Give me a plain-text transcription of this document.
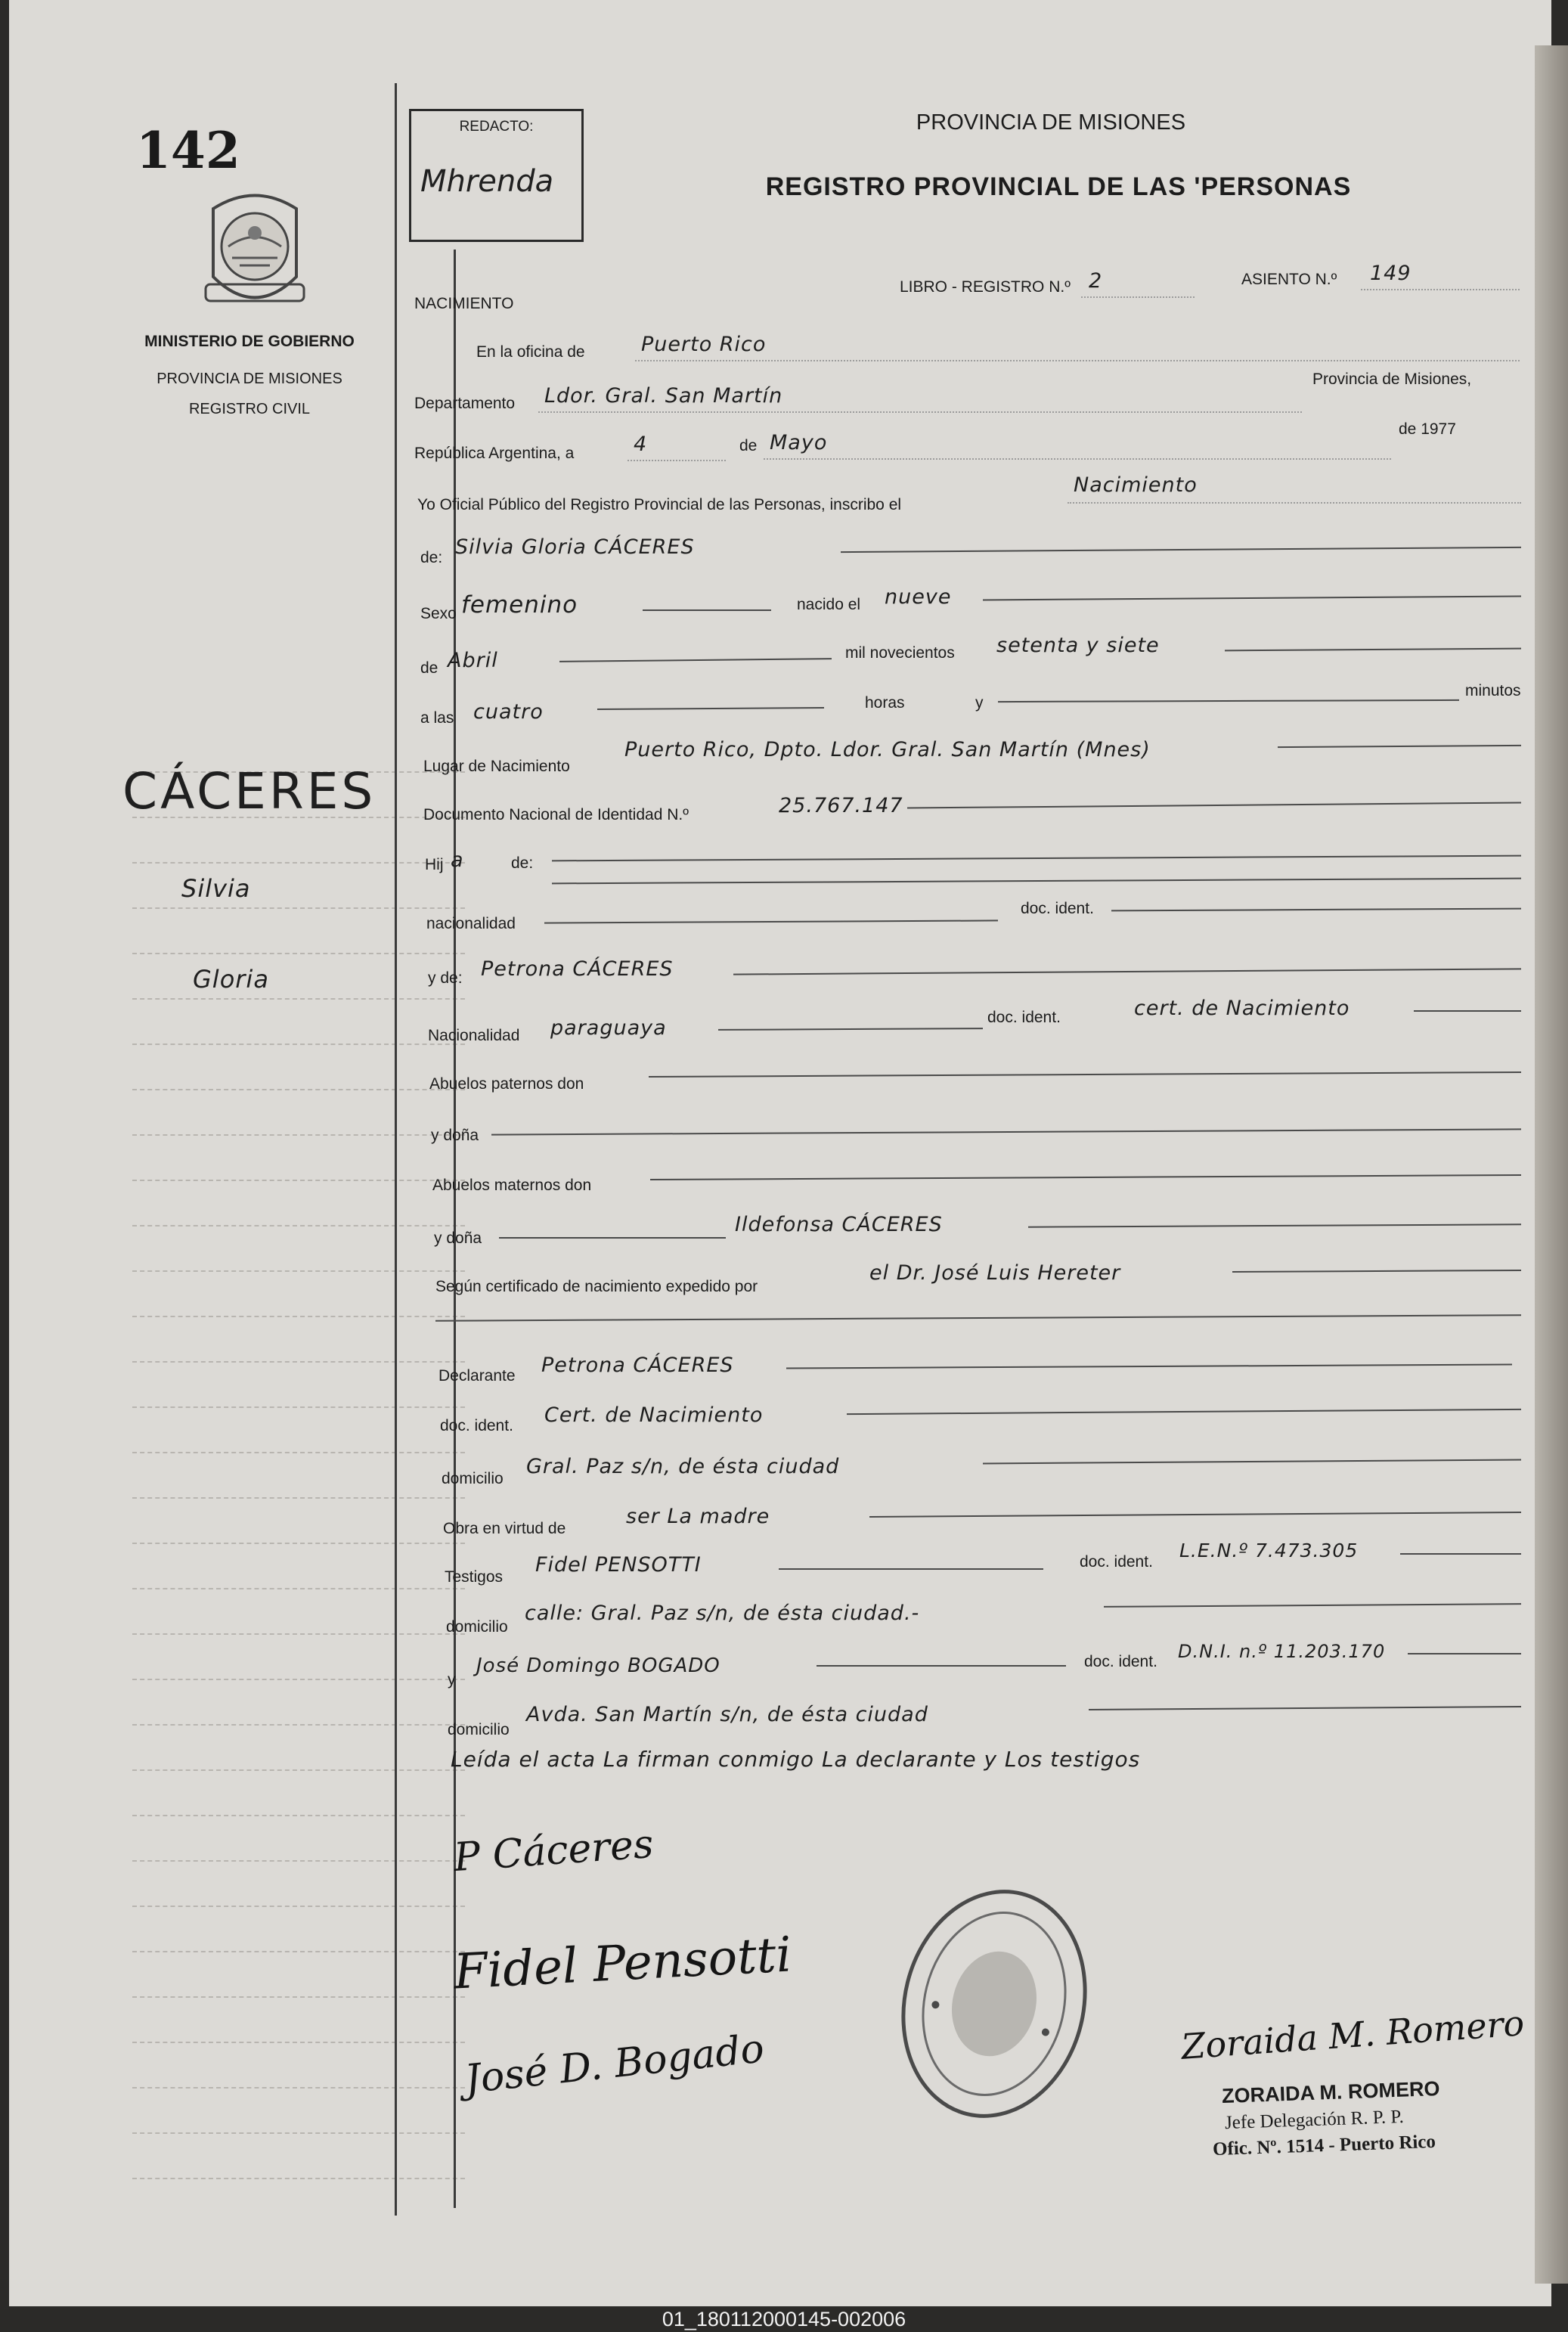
142
MINISTERIO DE GOBIERNO
PROVINCIA DE MISIONES
REGISTRO CIVIL
CÁCERES
Silvia
Gloria
REDACTO:
Mhrenda
PROVINCIA DE MISIONES
REGISTRO PROVINCIAL DE LAS 'PERSONAS
NACIMIENTO
LIBRO - REGISTRO N.º 2	ASIENTO N.º 149
En la oficina de	Puerto Rico
Departamento Ldor. Gral. San Martín
Provincia de Misiones,
República Argentina, a	4	de Mayo
de 1977
Yo Oficial Público del Registro Provincial de las Personas, inscribo el
Nacimiento
de: Silvia Gloria CÁCERES
Sexo femenino	nacido el nueve
de Abril	mil novecientos setenta y siete
a las cuatro	horas	y
minutos
Lugar de Nacimiento
Puerto Rico, Dpto. Ldor. Gral. San Martín (Mnes)
Documento Nacional de Identidad N.º	25.767.147
Hij a	de:
nacionalidad
doc. ident.
y de: Petrona CÁCERES
Nacionalidad paraguaya	doc. ident.	cert. de Nacimiento
Abuelos paternos don
y doña
Abuelos maternos don
y doña
Ildefonsa CÁCERES
Según certificado de nacimiento expedido por
el Dr. José Luis Hereter
Declarante Petrona CÁCERES
doc. ident. Cert. de Nacimiento
domicilio
Gral. Paz s/n, de ésta ciudad
Obra en virtud de
ser La madre
Testigos
Fidel PENSOTTI	doc. ident.
L.E.N.º 7.473.305
domicilio
calle: Gral. Paz s/n, de ésta ciudad.-
y
José Domingo BOGADO	doc. ident. D.N.I. n.º 11.203.170
domicilio
Avda. San Martín s/n, de ésta ciudad
Leída el acta La firman conmigo La declarante y Los testigos
P Cáceres
Fidel Pensotti
José D. Bogado	Zoraida M. Romero
ZORAIDA M. ROMERO
Jefe Delegación R. P. P.
Ofic. Nº. 1514 - Puerto Rico
01_180112000145-002006
